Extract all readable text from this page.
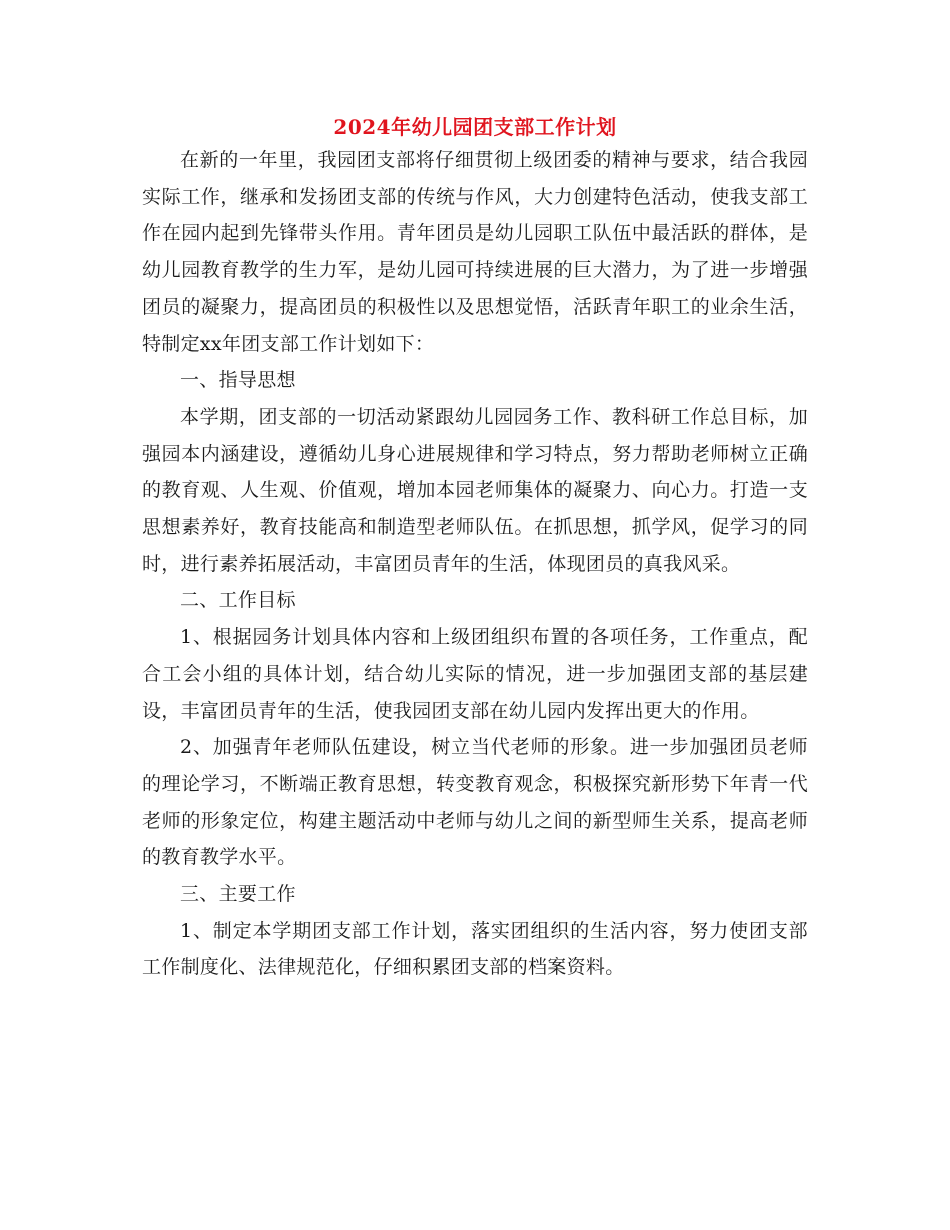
2024年幼儿园团支部工作计划

在新的一年里，我园团支部将仔细贯彻上级团委的精神与要求，结合我园实际工作，继承和发扬团支部的传统与作风，大力创建特色活动，使我支部工作在园内起到先锋带头作用。青年团员是幼儿园职工队伍中最活跃的群体，是幼儿园教育教学的生力军，是幼儿园可持续进展的巨大潜力，为了进一步增强团员的凝聚力，提高团员的积极性以及思想觉悟，活跃青年职工的业余生活，特制定xx年团支部工作计划如下：

一、指导思想

本学期，团支部的一切活动紧跟幼儿园园务工作、教科研工作总目标，加强园本内涵建设，遵循幼儿身心进展规律和学习特点，努力帮助老师树立正确的教育观、人生观、价值观，增加本园老师集体的凝聚力、向心力。打造一支思想素养好，教育技能高和制造型老师队伍。在抓思想，抓学风，促学习的同时，进行素养拓展活动，丰富团员青年的生活，体现团员的真我风采。

二、工作目标

1、根据园务计划具体内容和上级团组织布置的各项任务，工作重点，配合工会小组的具体计划，结合幼儿实际的情况，进一步加强团支部的基层建设，丰富团员青年的生活，使我园团支部在幼儿园内发挥出更大的作用。

2、加强青年老师队伍建设，树立当代老师的形象。进一步加强团员老师的理论学习，不断端正教育思想，转变教育观念，积极探究新形势下年青一代老师的形象定位，构建主题活动中老师与幼儿之间的新型师生关系，提高老师的教育教学水平。

三、主要工作

1、制定本学期团支部工作计划，落实团组织的生活内容，努力使团支部工作制度化、法律规范化，仔细积累团支部的档案资料。
